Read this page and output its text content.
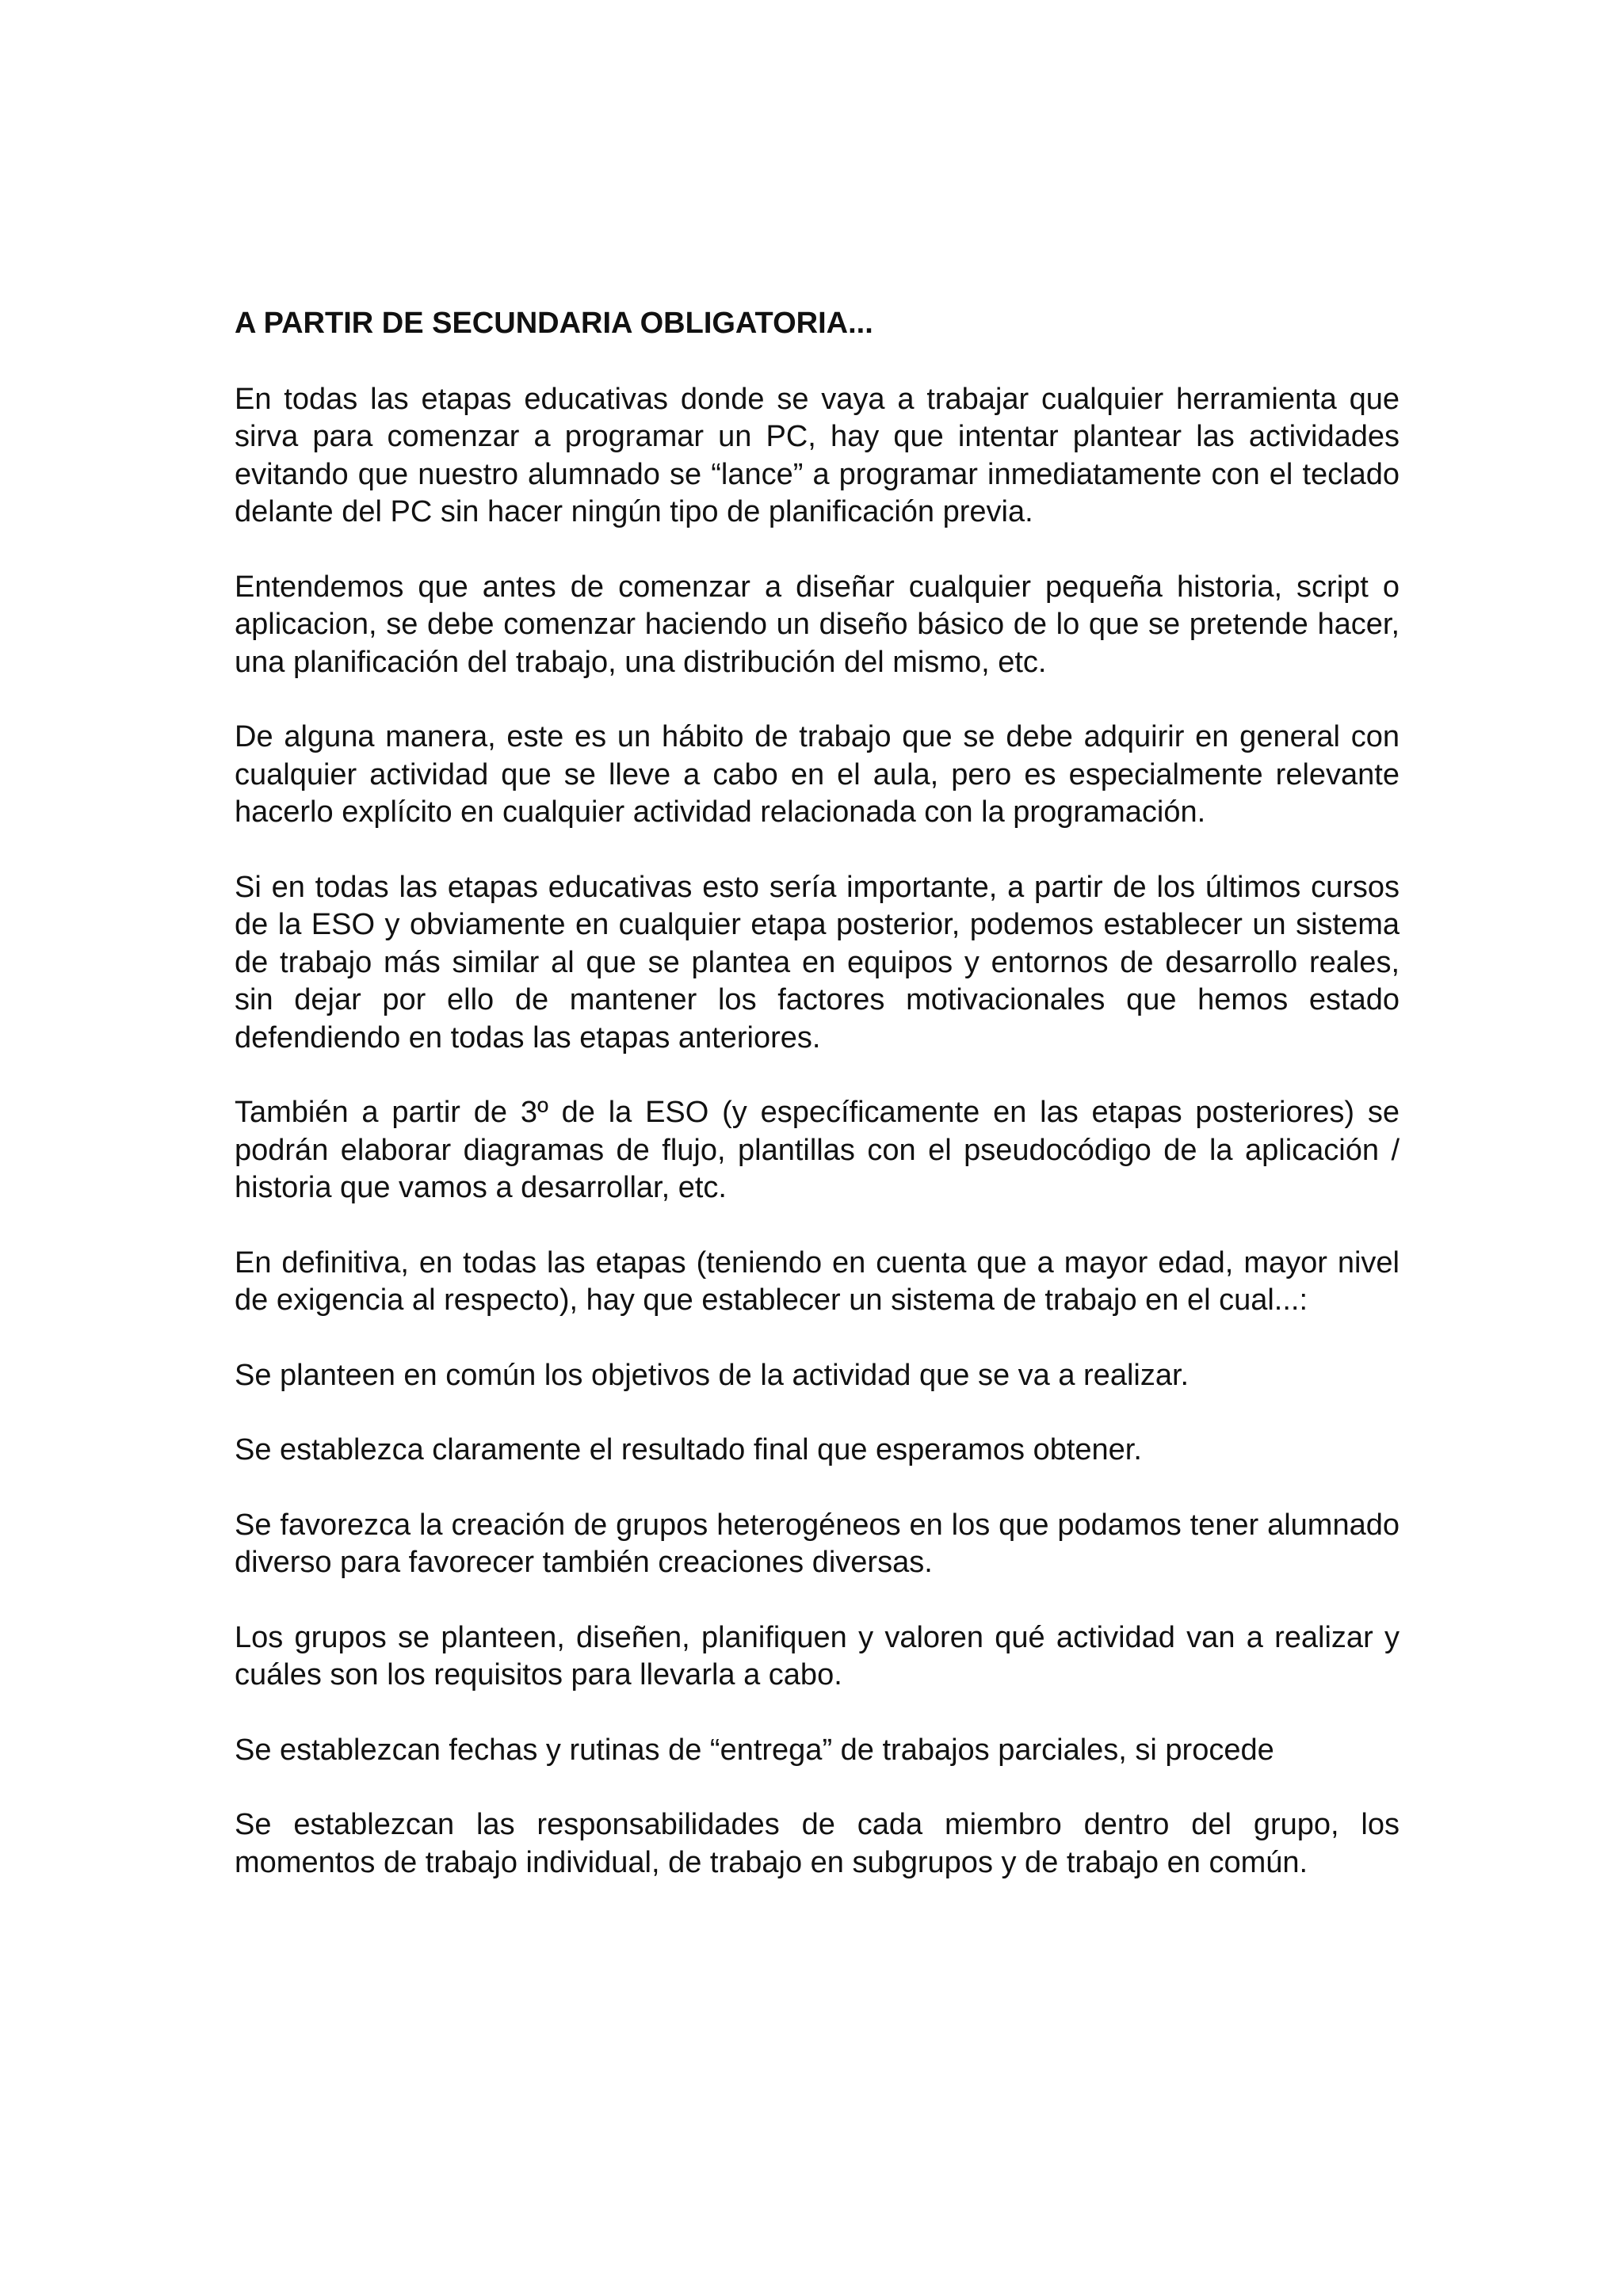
A PARTIR DE SECUNDARIA OBLIGATORIA...

En todas las etapas educativas donde se vaya a trabajar cualquier herramienta que sirva para comenzar a programar un PC, hay que intentar plantear las actividades evitando que nuestro alumnado se “lance” a programar inmediatamente con el teclado delante del PC sin hacer ningún tipo de planificación previa.

Entendemos que antes de comenzar a diseñar cualquier pequeña historia, script o aplicacion, se debe comenzar haciendo un diseño básico de lo que se pretende hacer, una planificación del trabajo, una distribución del mismo, etc.

De alguna manera, este es un hábito de trabajo que se debe adquirir en general con cualquier actividad que se lleve a cabo en el aula, pero es especialmente relevante hacerlo explícito en cualquier actividad relacionada con la programación.

Si en todas las etapas educativas esto sería importante, a partir de los últimos cursos de la ESO y obviamente en cualquier etapa posterior, podemos establecer un sistema de trabajo más similar al que se plantea en equipos y entornos de desarrollo reales, sin dejar por ello de mantener los factores motivacionales que hemos estado defendiendo en todas las etapas anteriores.

También a partir de 3º de la ESO (y específicamente en las etapas posteriores) se podrán elaborar diagramas de flujo, plantillas con el pseudocódigo de la aplicación / historia que vamos a desarrollar, etc.

En definitiva, en todas las etapas (teniendo en cuenta que a mayor edad, mayor nivel de exigencia al respecto), hay que establecer un sistema de trabajo en el cual...:

Se planteen en común los objetivos de la actividad que se va a realizar.

Se establezca claramente el resultado final que esperamos obtener.

Se favorezca la creación de grupos heterogéneos en los que podamos tener alumnado diverso para favorecer también creaciones diversas.

Los grupos se planteen, diseñen, planifiquen y valoren qué actividad van a realizar y cuáles son los requisitos para llevarla a cabo.

Se establezcan fechas y rutinas de “entrega” de trabajos parciales, si procede

Se establezcan las responsabilidades de cada miembro dentro del grupo, los momentos de trabajo individual, de trabajo en subgrupos y de trabajo en común.
